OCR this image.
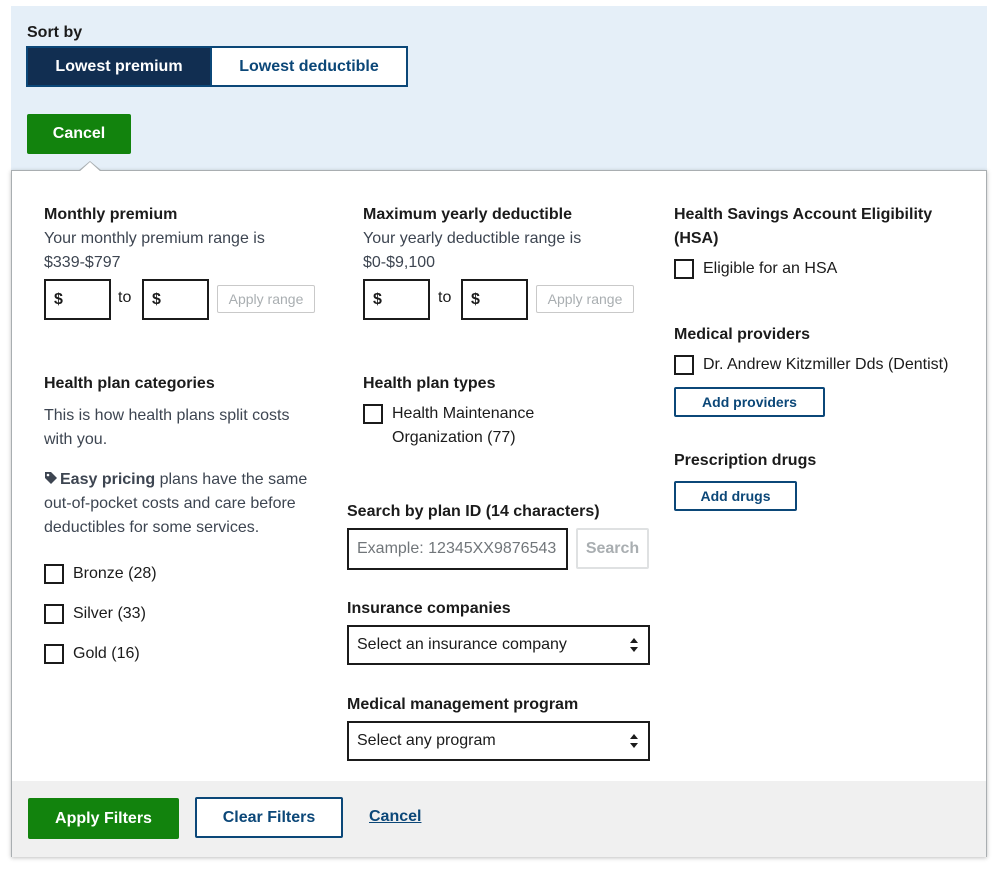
Sort by
Lowest premium	Lowest deductible
Cancel
Monthly premium
Your monthly premium range is $339-$797
$	to	$	Apply range
Maximum yearly deductible
Your yearly deductible range is $0-$9,100
$	to	$	Apply range
Health Savings Account Eligibility (HSA)
Eligible for an HSA
Medical providers
Dr. Andrew Kitzmiller Dds (Dentist)
Add providers
Prescription drugs
Add drugs
Health plan categories
This is how health plans split costs with you.
Easy pricing plans have the same out-of-pocket costs and care before deductibles for some services.
Bronze (28)
Silver (33)
Gold (16)
Health plan types
Health Maintenance Organization (77)
Search by plan ID (14 characters)
Example: 12345XX9876543	Search
Insurance companies
Select an insurance company
Medical management program
Select any program
Apply Filters	Clear Filters	Cancel
